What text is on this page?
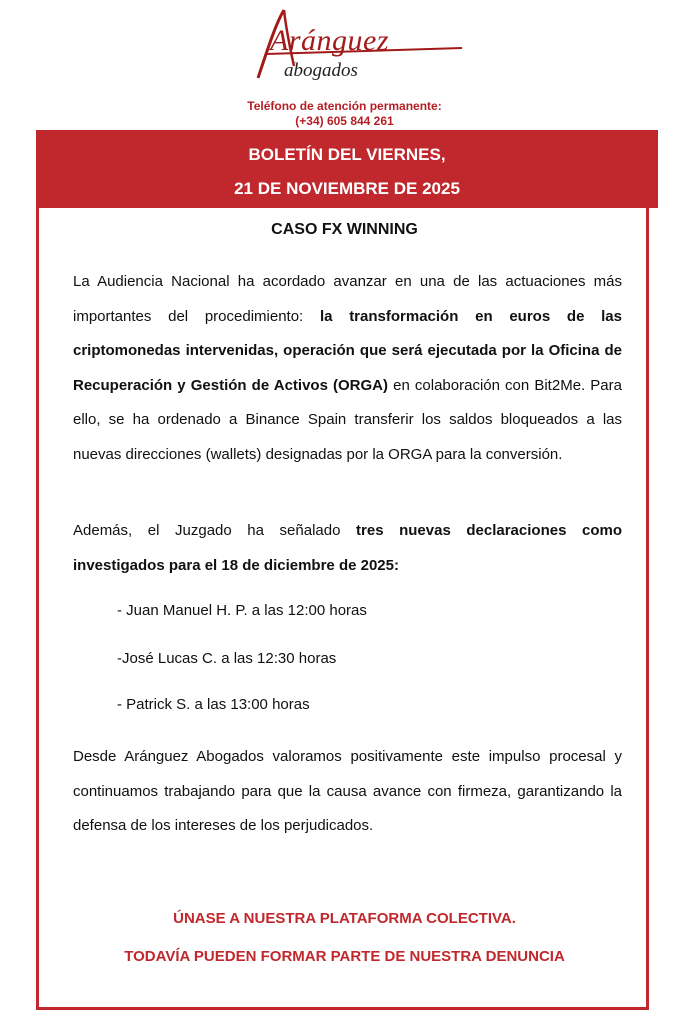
Aránguez
abogados
Teléfono de atención permanente:
(+34) 605 844 261
BOLETÍN DEL VIERNES,
21 DE NOVIEMBRE DE 2025
CASO FX WINNING
La Audiencia Nacional ha acordado avanzar en una de las actuaciones más importantes del procedimiento: la transformación en euros de las criptomonedas intervenidas, operación que será ejecutada por la Oficina de Recuperación y Gestión de Activos (ORGA) en colaboración con Bit2Me. Para ello, se ha ordenado a Binance Spain transferir los saldos bloqueados a las nuevas direcciones (wallets) designadas por la ORGA para la conversión.
Además, el Juzgado ha señalado tres nuevas declaraciones como investigados para el 18 de diciembre de 2025:
- Juan Manuel H. P. a las 12:00 horas
-José Lucas C. a las 12:30 horas
- Patrick S. a las 13:00 horas
Desde Aránguez Abogados valoramos positivamente este impulso procesal y continuamos trabajando para que la causa avance con firmeza, garantizando la defensa de los intereses de los perjudicados.
ÚNASE A NUESTRA PLATAFORMA COLECTIVA.
TODAVÍA PUEDEN FORMAR PARTE DE NUESTRA DENUNCIA
